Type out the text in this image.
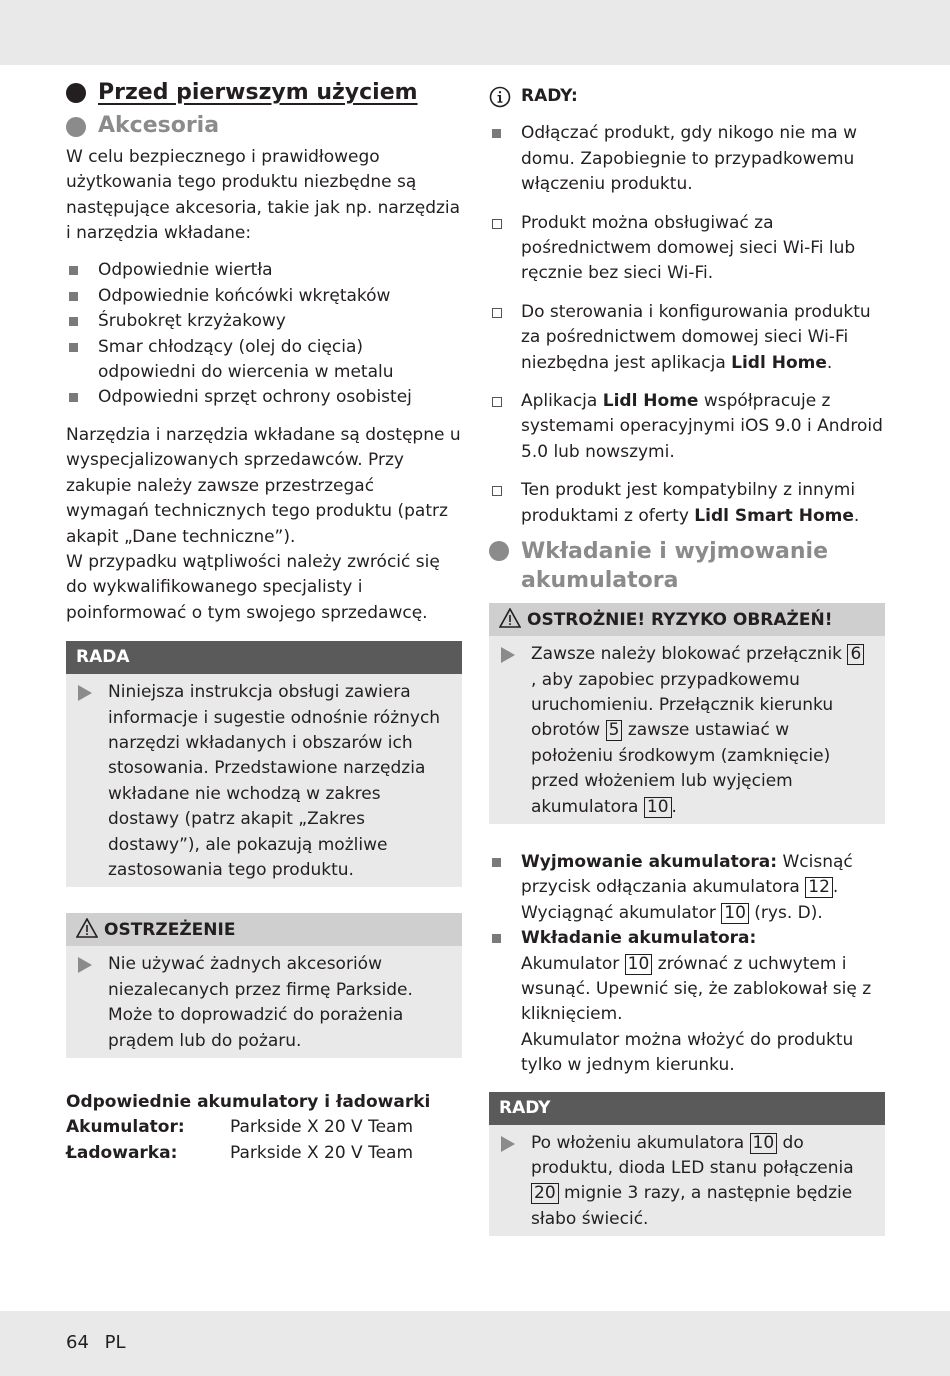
Przed pierwszym użyciem
Akcesoria

W celu bezpiecznego i prawidłowego użytkowania tego produktu niezbędne są następujące akcesoria, takie jak np. narzędzia i narzędzia wkładane:

Odpowiednie wiertła
Odpowiednie końcówki wkrętaków
Śrubokręt krzyżakowy
Smar chłodzący (olej do cięcia) odpowiedni do wiercenia w metalu
Odpowiedni sprzęt ochrony osobistej

Narzędzia i narzędzia wkładane są dostępne u wyspecjalizowanych sprzedawców. Przy zakupie należy zawsze przestrzegać wymagań technicznych tego produktu (patrz akapit „Dane techniczne”).

W przypadku wątpliwości należy zwrócić się do wykwalifikowanego specjalisty i poinformować o tym swojego sprzedawcę.

RADA
Niniejsza instrukcja obsługi zawiera informacje i sugestie odnośnie różnych narzędzi wkładanych i obszarów ich stosowania. Przedstawione narzędzia wkładane nie wchodzą w zakres dostawy (patrz akapit „Zakres dostawy”), ale pokazują możliwe zastosowania tego produktu.
OSTRZEŻENIE
Nie używać żadnych akcesoriów niezalecanych przez firmę Parkside. Może to doprowadzić do porażenia prądem lub do pożaru.
Odpowiednie akumulatory i ładowarki
Akumulator:	Parkside X 20 V Team
Ładowarka:	Parkside X 20 V Team
RADY:
Odłączać produkt, gdy nikogo nie ma w domu. Zapobiegnie to przypadkowemu włączeniu produktu.
Produkt można obsługiwać za pośrednictwem domowej sieci Wi-Fi lub ręcznie bez sieci Wi-Fi.
Do sterowania i konfigurowania produktu za pośrednictwem domowej sieci Wi-Fi niezbędna jest aplikacja Lidl Home.
Aplikacja Lidl Home współpracuje z systemami operacyjnymi iOS 9.0 i Android 5.0 lub nowszymi.
Ten produkt jest kompatybilny z innymi produktami z oferty Lidl Smart Home.
Wkładanie i wyjmowanie akumulatora
OSTROŻNIE! RYZYKO OBRAŻEŃ!
Zawsze należy blokować przełącznik 6, aby zapobiec przypadkowemu uruchomieniu. Przełącznik kierunku obrotów 5 zawsze ustawiać w położeniu środkowym (zamknięcie) przed włożeniem lub wyjęciem akumulatora 10 .
Wyjmowanie akumulatora: Wcisnąć przycisk odłączania akumulatora 12 . Wyciągnąć akumulator 10 (rys. D).
Wkładanie akumulatora:
Akumulator 10 zrównać z uchwytem i wsunąć. Upewnić się, że zablokował się z kliknięciem.
Akumulator można włożyć do produktu tylko w jednym kierunku.
RADY
Po włożeniu akumulatora 10 do produktu, dioda LED stanu połączenia 20 mignie 3 razy, a następnie będzie słabo świecić.
64 PL
